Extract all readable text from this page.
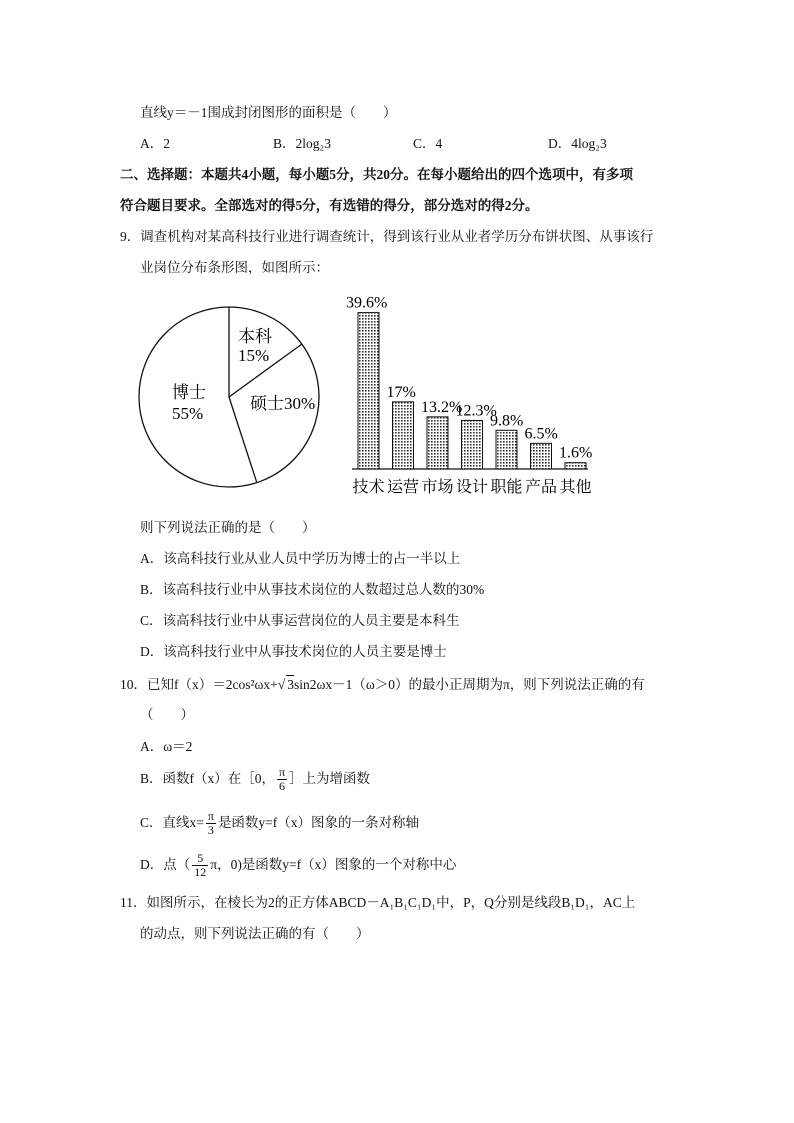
直线y＝－1围成封闭图形的面积是（　　）
A．2	B．2log₂3	C．4	D．4log₂3
二、选择题：本题共4小题，每小题5分，共20分。在每小题给出的四个选项中，有多项
符合题目要求。全部选对的得5分，有选错的得分，部分选对的得2分。
9．调查机构对某高科技行业进行调查统计，得到该行业从业者学历分布饼状图、从事该行
业岗位分布条形图，如图所示：
本科
15%
硕士 30%
博士
55%
39.6%
技术
17%
运营
13.2%
市场
12.3%
设计
9.8%
职能
6.5%
产品
1.6%
其他
则下列说法正确的是（　　）
A．该高科技行业从业人员中学历为博士的占一半以上
B．该高科技行业中从事技术岗位的人数超过总人数的30%
C．该高科技行业中从事运营岗位的人员主要是本科生
D．该高科技行业中从事技术岗位的人员主要是博士
10．已知f（x）＝2cos²ωx+√ 3sin2ωx－1（ω＞0）的最小正周期为π，则下列说法正确的有
（　　）
A．ω＝2
B．函数f（x）在［0， $\frac{\pi}{6}$ ］上为增函数
C．直线$x= \frac{\pi}{3}$ 是函数y=f（x）图象的一条对称轴
D．点（ $\frac{5}{12}$ π，0)是函数y=f（x）图象的一个对称中心
11．如图所示，在棱长为2的正方体ABCD－A₁B₁C₁D₁中，P，Q分别是线段B₁D₁，AC上
的动点，则下列说法正确的有（　　）
